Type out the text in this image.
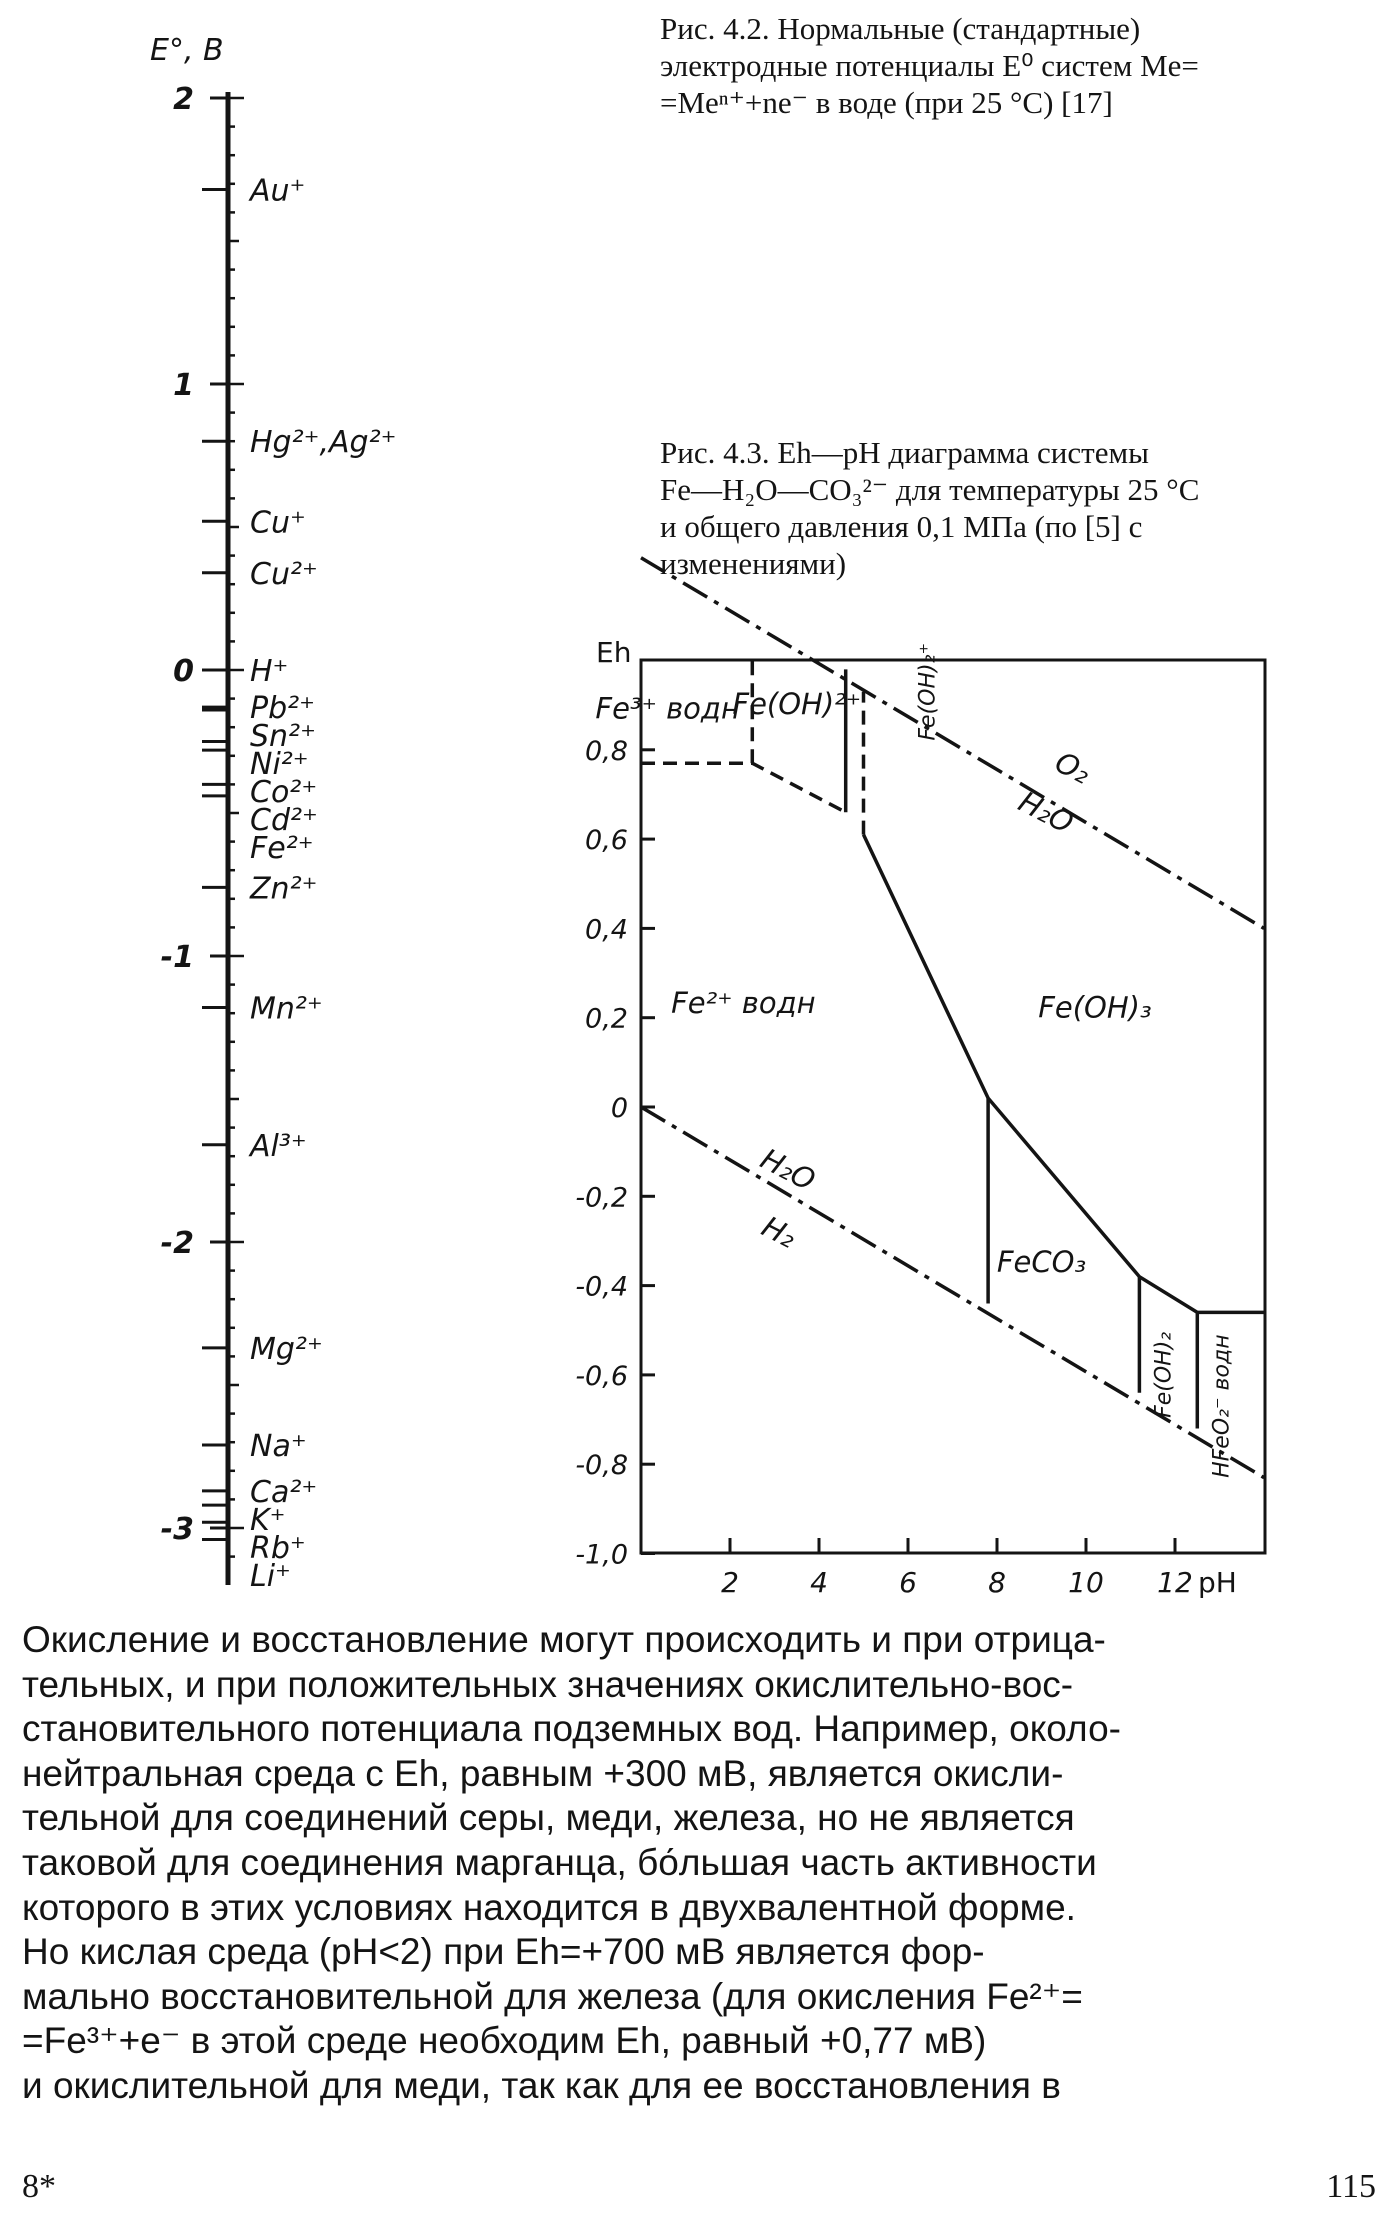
E°, В
2
1
0
-1
-2
-3
Au⁺
Hg²⁺,Ag²⁺
Cu⁺
Cu²⁺
H⁺
Pb²⁺
Sn²⁺
Ni²⁺
Co²⁺
Cd²⁺
Fe²⁺
Zn²⁺
Mn²⁺
Al³⁺
Mg²⁺
Na⁺
Ca²⁺
K⁺
Rb⁺
Li⁺
Рис. 4.2. Нормальные (стандартные)
электродные потенциалы E⁰ систем Me=
=Meⁿ⁺+ne⁻ в воде (при 25 °С) [17]
Рис. 4.3. Eh—pH диаграмма системы
Fe—H₂O—CO₃²⁻ для температуры 25 °С
и общего давления 0,1 МПа (по [5] с
изменениями)
Eh
2	4	6	8 10 12
0,8
0,6
0,4
0,2
0
-0,2
-0,4
-0,6
-0,8
-1,0
O₂
H₂O
Fe(OH)₃
H₂O
H₂
FeCO₃
Fe(OH)₂ HFeO₂⁻ водн
Fe²⁺ водн
Fe³⁺ водн
Fe(OH)²⁺ Fe(OH)₂⁺
pH
Окисление и восстановление могут происходить и при отрица-
тельных, и при положительных значениях окислительно-вос-
становительного потенциала подземных вод. Например, около-
нейтральная среда с Eh, равным +300 мВ, является окисли-
тельной для соединений серы, меди, железа, но не является
таковой для соединения марганца, бо́льшая часть активности
которого в этих условиях находится в двухвалентной форме.
Но кислая среда (pH<2) при Eh=+700 мВ является фор-
мально восстановительной для железа (для окисления Fe²⁺=
=Fe³⁺+e⁻ в этой среде необходим Eh, равный +0,77 мВ)
и окислительной для меди, так как для ее восстановления в
8*	115
